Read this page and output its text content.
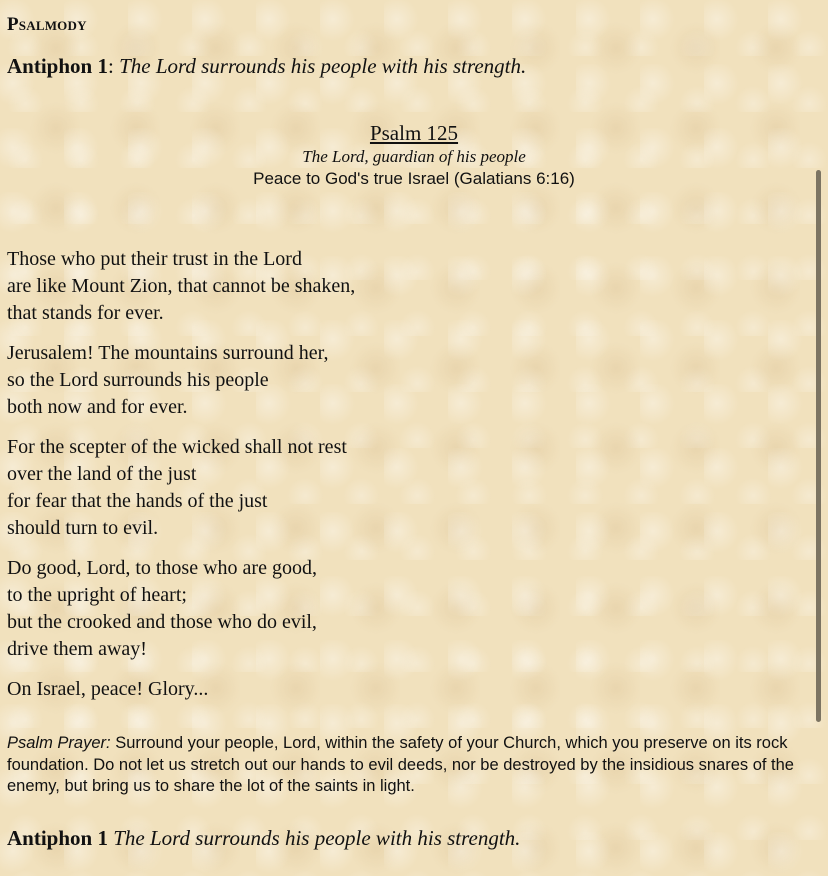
Psalmody
Antiphon 1: The Lord surrounds his people with his strength.
Psalm 125
The Lord, guardian of his people
Peace to God's true Israel (Galatians 6:16)
Those who put their trust in the Lord
are like Mount Zion, that cannot be shaken,
that stands for ever.
Jerusalem! The mountains surround her,
so the Lord surrounds his people
both now and for ever.
For the scepter of the wicked shall not rest
over the land of the just
for fear that the hands of the just
should turn to evil.
Do good, Lord, to those who are good,
to the upright of heart;
but the crooked and those who do evil,
drive them away!
On Israel, peace! Glory...
Psalm Prayer: Surround your people, Lord, within the safety of your Church, which you preserve on its rock foundation. Do not let us stretch out our hands to evil deeds, nor be destroyed by the insidious snares of the enemy, but bring us to share the lot of the saints in light.
Antiphon 1 The Lord surrounds his people with his strength.
